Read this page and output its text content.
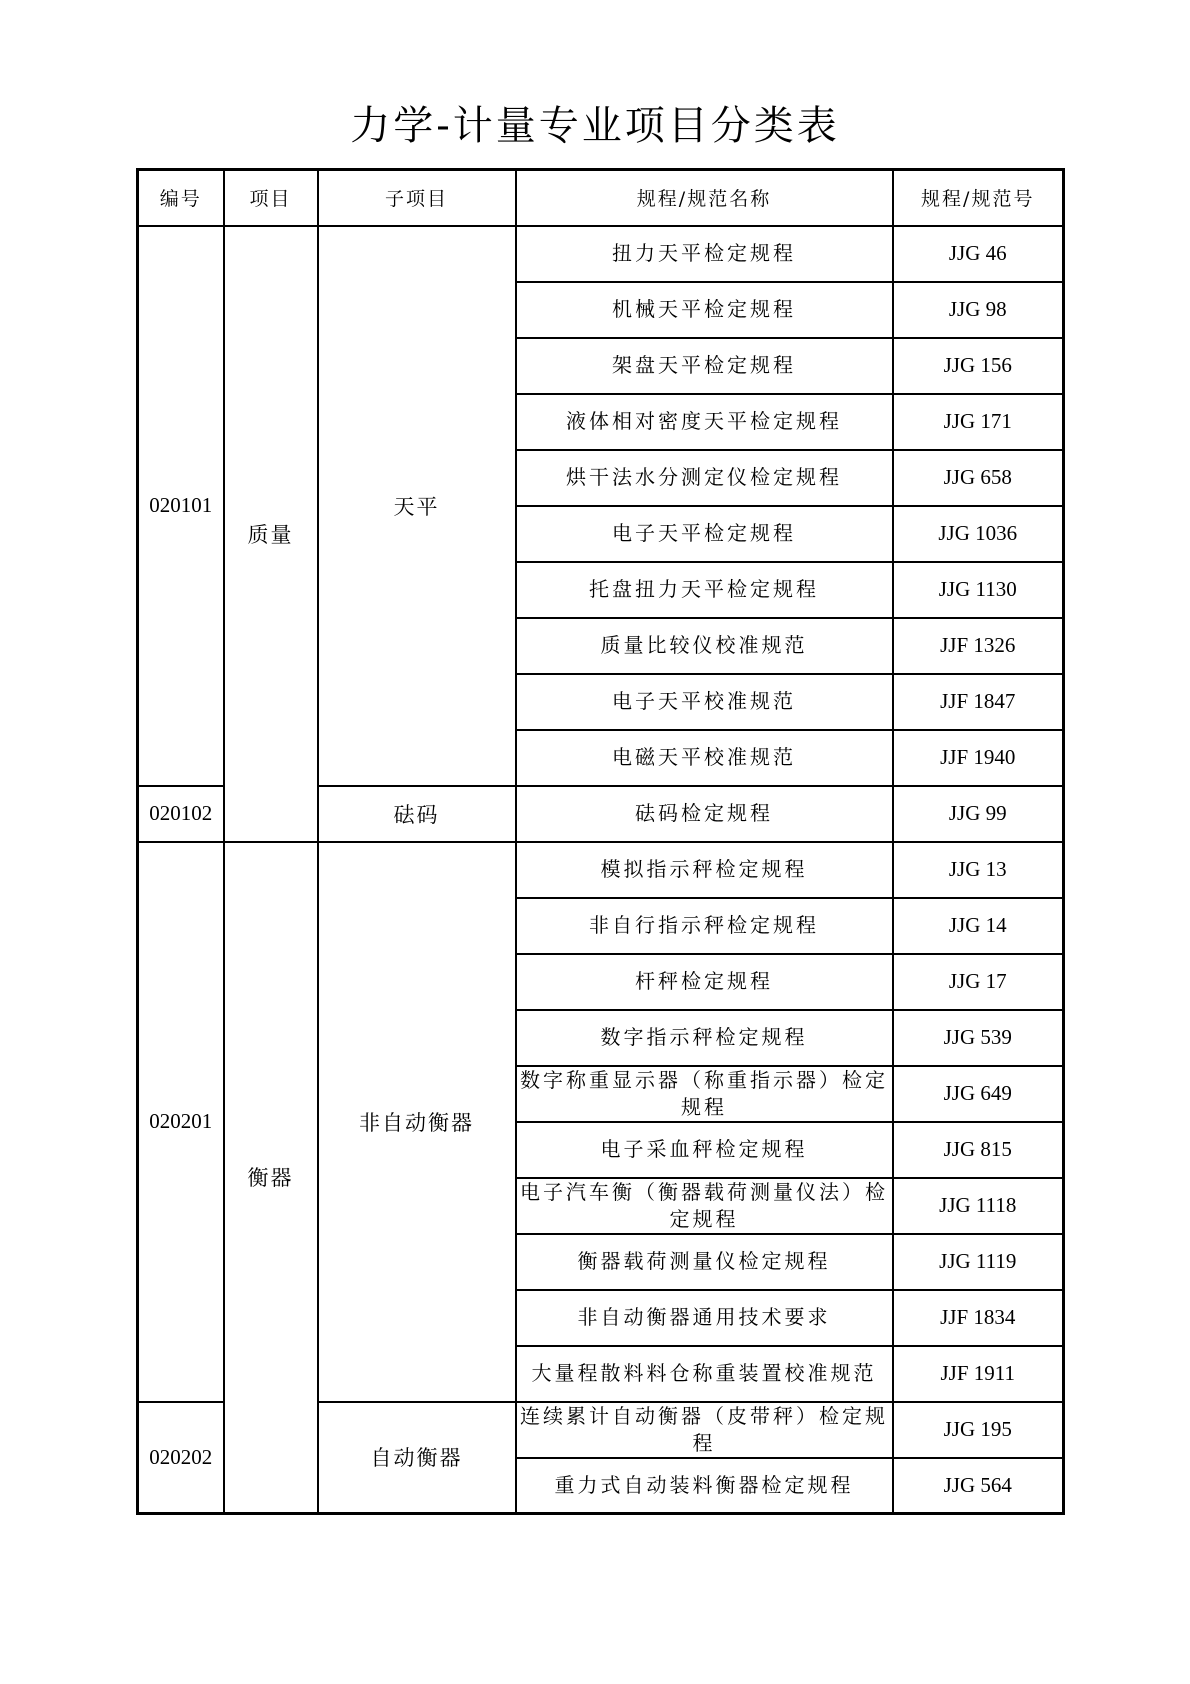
力学-计量专业项目分类表
编号	项目	子项目	规程/规范名称	规程/规范号
020101	质量	天平	扭力天平检定规程	JJG 46
			机械天平检定规程	JJG 98
			架盘天平检定规程	JJG 156
			液体相对密度天平检定规程	JJG 171
			烘干法水分测定仪检定规程	JJG 658
			电子天平检定规程	JJG 1036
			托盘扭力天平检定规程	JJG 1130
			质量比较仪校准规范	JJF 1326
			电子天平校准规范	JJF 1847
			电磁天平校准规范	JJF 1940
020102		砝码	砝码检定规程	JJG 99
020201	衡器	非自动衡器	模拟指示秤检定规程	JJG 13
			非自行指示秤检定规程	JJG 14
			杆秤检定规程	JJG 17
			数字指示秤检定规程	JJG 539
			数字称重显示器（称重指示器）检定规程	JJG 649
			电子采血秤检定规程	JJG 815
			电子汽车衡（衡器载荷测量仪法）检定规程	JJG 1118
			衡器载荷测量仪检定规程	JJG 1119
			非自动衡器通用技术要求	JJF 1834
			大量程散料料仓称重装置校准规范	JJF 1911
020202		自动衡器	连续累计自动衡器（皮带秤）检定规程	JJG 195
			重力式自动装料衡器检定规程	JJG 564
